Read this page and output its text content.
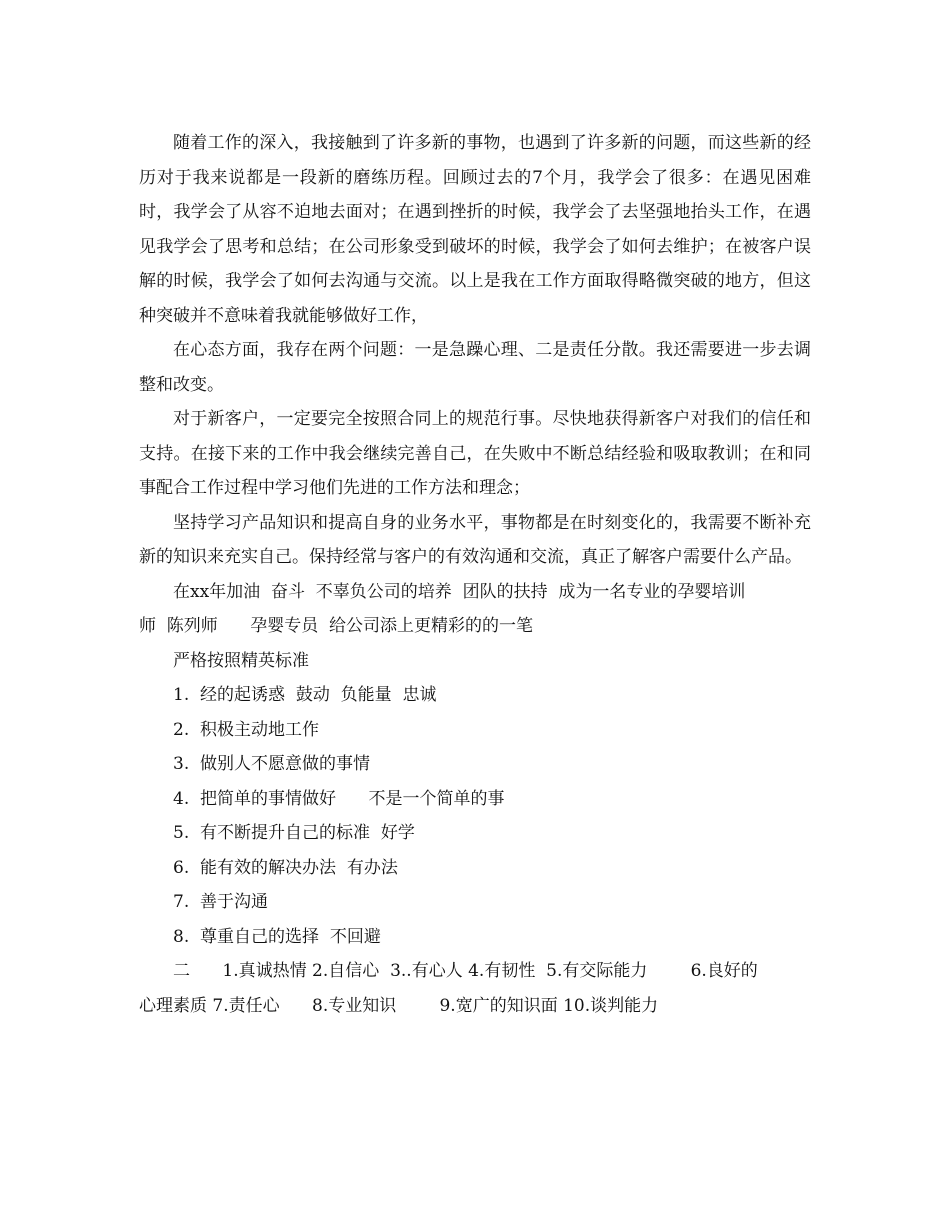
随着工作的深入，我接触到了许多新的事物，也遇到了许多新的问题，而这些新的经历对于我来说都是一段新的磨练历程。回顾过去的7个月，我学会了很多：在遇见困难时，我学会了从容不迫地去面对；在遇到挫折的时候，我学会了去坚强地抬头工作，在遇见我学会了思考和总结；在公司形象受到破坏的时候，我学会了如何去维护；在被客户误解的时候，我学会了如何去沟通与交流。以上是我在工作方面取得略微突破的地方，但这种突破并不意味着我就能够做好工作，

在心态方面，我存在两个问题：一是急躁心理、二是责任分散。我还需要进一步去调整和改变。

对于新客户，一定要完全按照合同上的规范行事。尽快地获得新客户对我们的信任和支持。在接下来的工作中我会继续完善自己，在失败中不断总结经验和吸取教训；在和同事配合工作过程中学习他们先进的工作方法和理念；

坚持学习产品知识和提高自身的业务水平，事物都是在时刻变化的，我需要不断补充新的知识来充实自己。保持经常与客户的有效沟通和交流，真正了解客户需要什么产品。

在xx年加油  奋斗  不辜负公司的培养  团队的扶持  成为一名专业的孕婴培训

师  陈列师      孕婴专员  给公司添上更精彩的的一笔

严格按照精英标准

1.  经的起诱惑  鼓动  负能量  忠诚

2.  积极主动地工作

3.  做别人不愿意做的事情

4.  把简单的事情做好      不是一个简单的事

5.  有不断提升自己的标准  好学

6.  能有效的解决办法  有办法

7.  善于沟通

8.  尊重自己的选择  不回避

二      1.真诚热情 2.自信心  3..有心人 4.有韧性  5.有交际能力        6.良好的

心理素质 7.责任心      8.专业知识        9.宽广的知识面 10.谈判能力
